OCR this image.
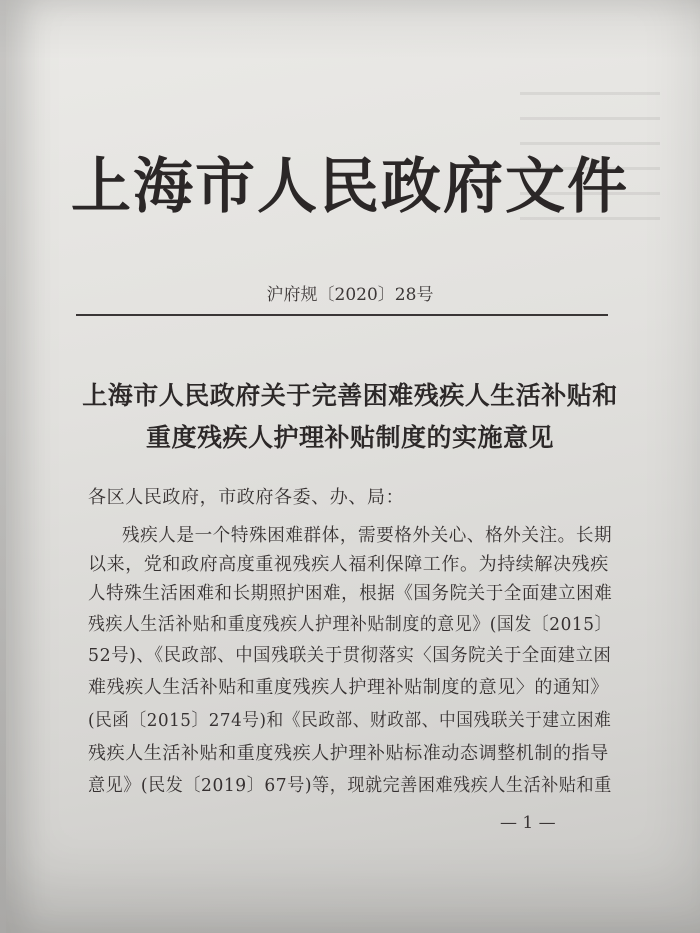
上海市人民政府文件
沪府规〔2020〕28号
上海市人民政府关于完善困难残疾人生活补贴和
重度残疾人护理补贴制度的实施意见
各区人民政府，市政府各委、办、局：
残疾人是一个特殊困难群体，需要格外关心、格外关注。长期
以来，党和政府高度重视残疾人福利保障工作。为持续解决残疾
人特殊生活困难和长期照护困难，根据《国务院关于全面建立困难
残疾人生活补贴和重度残疾人护理补贴制度的意见》(国发〔2015〕
52号)、《民政部、中国残联关于贯彻落实〈国务院关于全面建立困
难残疾人生活补贴和重度残疾人护理补贴制度的意见〉的通知》
(民函〔2015〕274号)和《民政部、财政部、中国残联关于建立困难
残疾人生活补贴和重度残疾人护理补贴标准动态调整机制的指导
意见》(民发〔2019〕67号)等，现就完善困难残疾人生活补贴和重
— 1 —
